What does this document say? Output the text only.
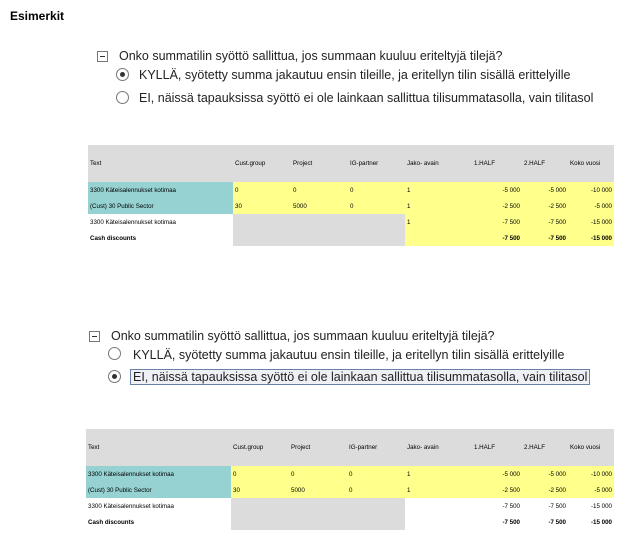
Esimerkit
Onko summatilin syöttö sallittua, jos summaan kuuluu eriteltyjä tilejä?
KYLLÄ, syötetty summa jakautuu ensin tileille, ja eritellyn tilin sisällä erittelyille
EI, näissä tapauksissa syöttö ei ole lainkaan sallittua tilisummatasolla, vain tilitasol
Text	Cust.group	Project	IG-partner	Jako- avain	1.HALF	2.HALF	Koko vuosi
3300 Käteisalennukset kotimaa	0	0	0	1	-5 000	-5 000	-10 000
(Cust) 30 Public Sector	30	5000	0	1	-2 500	-2 500	-5 000
3300 Käteisalennukset kotimaa				1	-7 500	-7 500	-15 000
Cash discounts					-7 500	-7 500	-15 000
Onko summatilin syöttö sallittua, jos summaan kuuluu eriteltyjä tilejä?
KYLLÄ, syötetty summa jakautuu ensin tileille, ja eritellyn tilin sisällä erittelyille
EI, näissä tapauksissa syöttö ei ole lainkaan sallittua tilisummatasolla, vain tilitasol
Text	Cust.group	Project	IG-partner	Jako- avain	1.HALF	2.HALF	Koko vuosi
3300 Käteisalennukset kotimaa	0	0	0	1	-5 000	-5 000	-10 000
(Cust) 30 Public Sector	30	5000	0	1	-2 500	-2 500	-5 000
3300 Käteisalennukset kotimaa					-7 500	-7 500	-15 000
Cash discounts					-7 500	-7 500	-15 000
